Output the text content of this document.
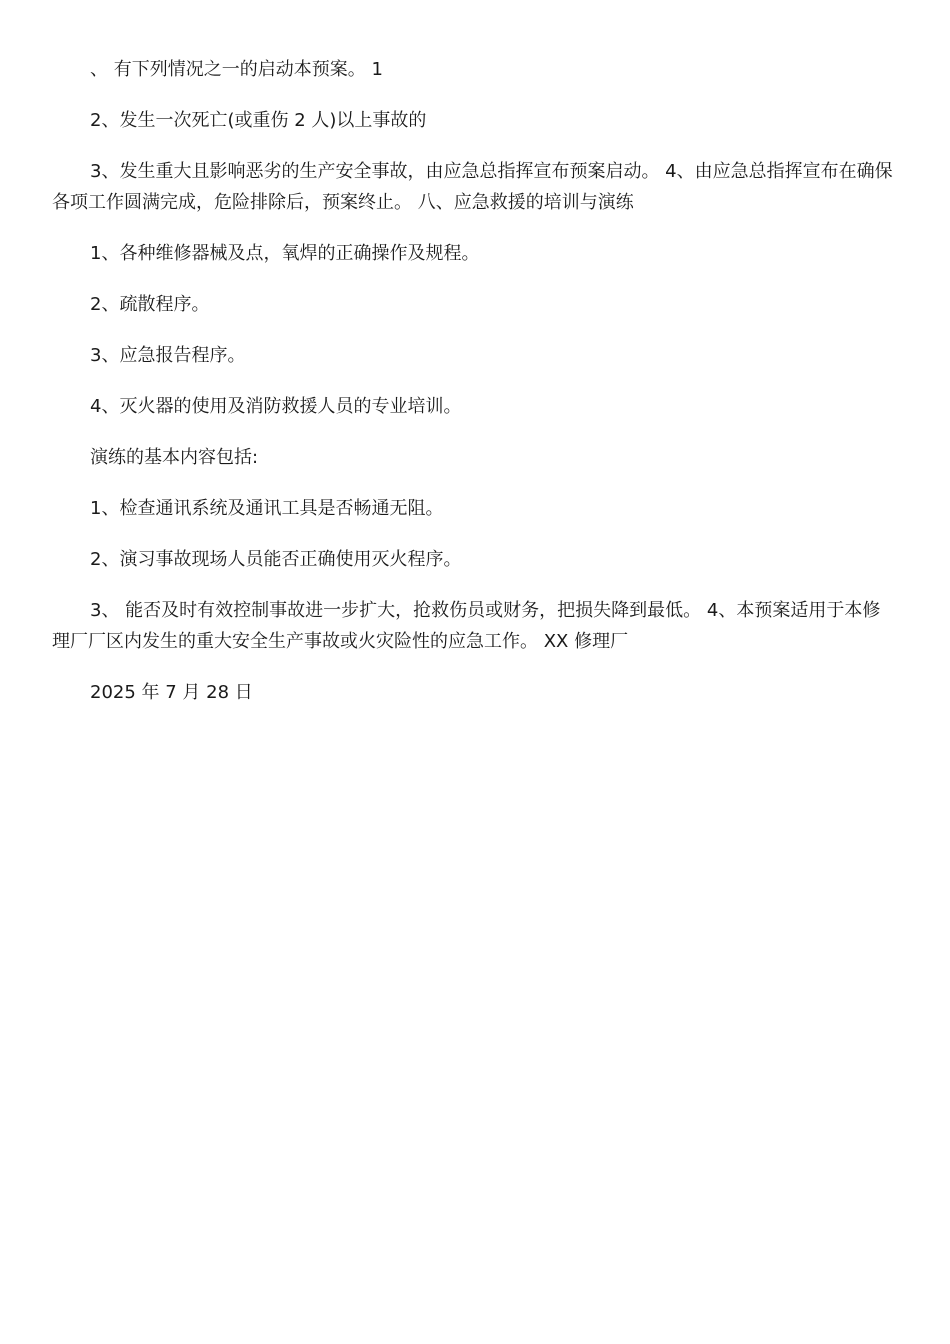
、 有下列情况之一的启动本预案。 1

2、发生一次死亡(或重伤 2 人)以上事故的

3、发生重大且影响恶劣的生产安全事故，由应急总指挥宣布预案启动。 4、由应急总指挥宣布在确保各项工作圆满完成，危险排除后，预案终止。 八、应急救援的培训与演练

1、各种维修器械及点，氧焊的正确操作及规程。

2、疏散程序。

3、应急报告程序。

4、灭火器的使用及消防救援人员的专业培训。

演练的基本内容包括:

1、检查通讯系统及通讯工具是否畅通无阻。

2、演习事故现场人员能否正确使用灭火程序。

3、 能否及时有效控制事故进一步扩大，抢救伤员或财务，把损失降到最低。 4、本预案适用于本修理厂厂区内发生的重大安全生产事故或火灾险性的应急工作。 XX 修理厂

2025 年 7 月 28 日
